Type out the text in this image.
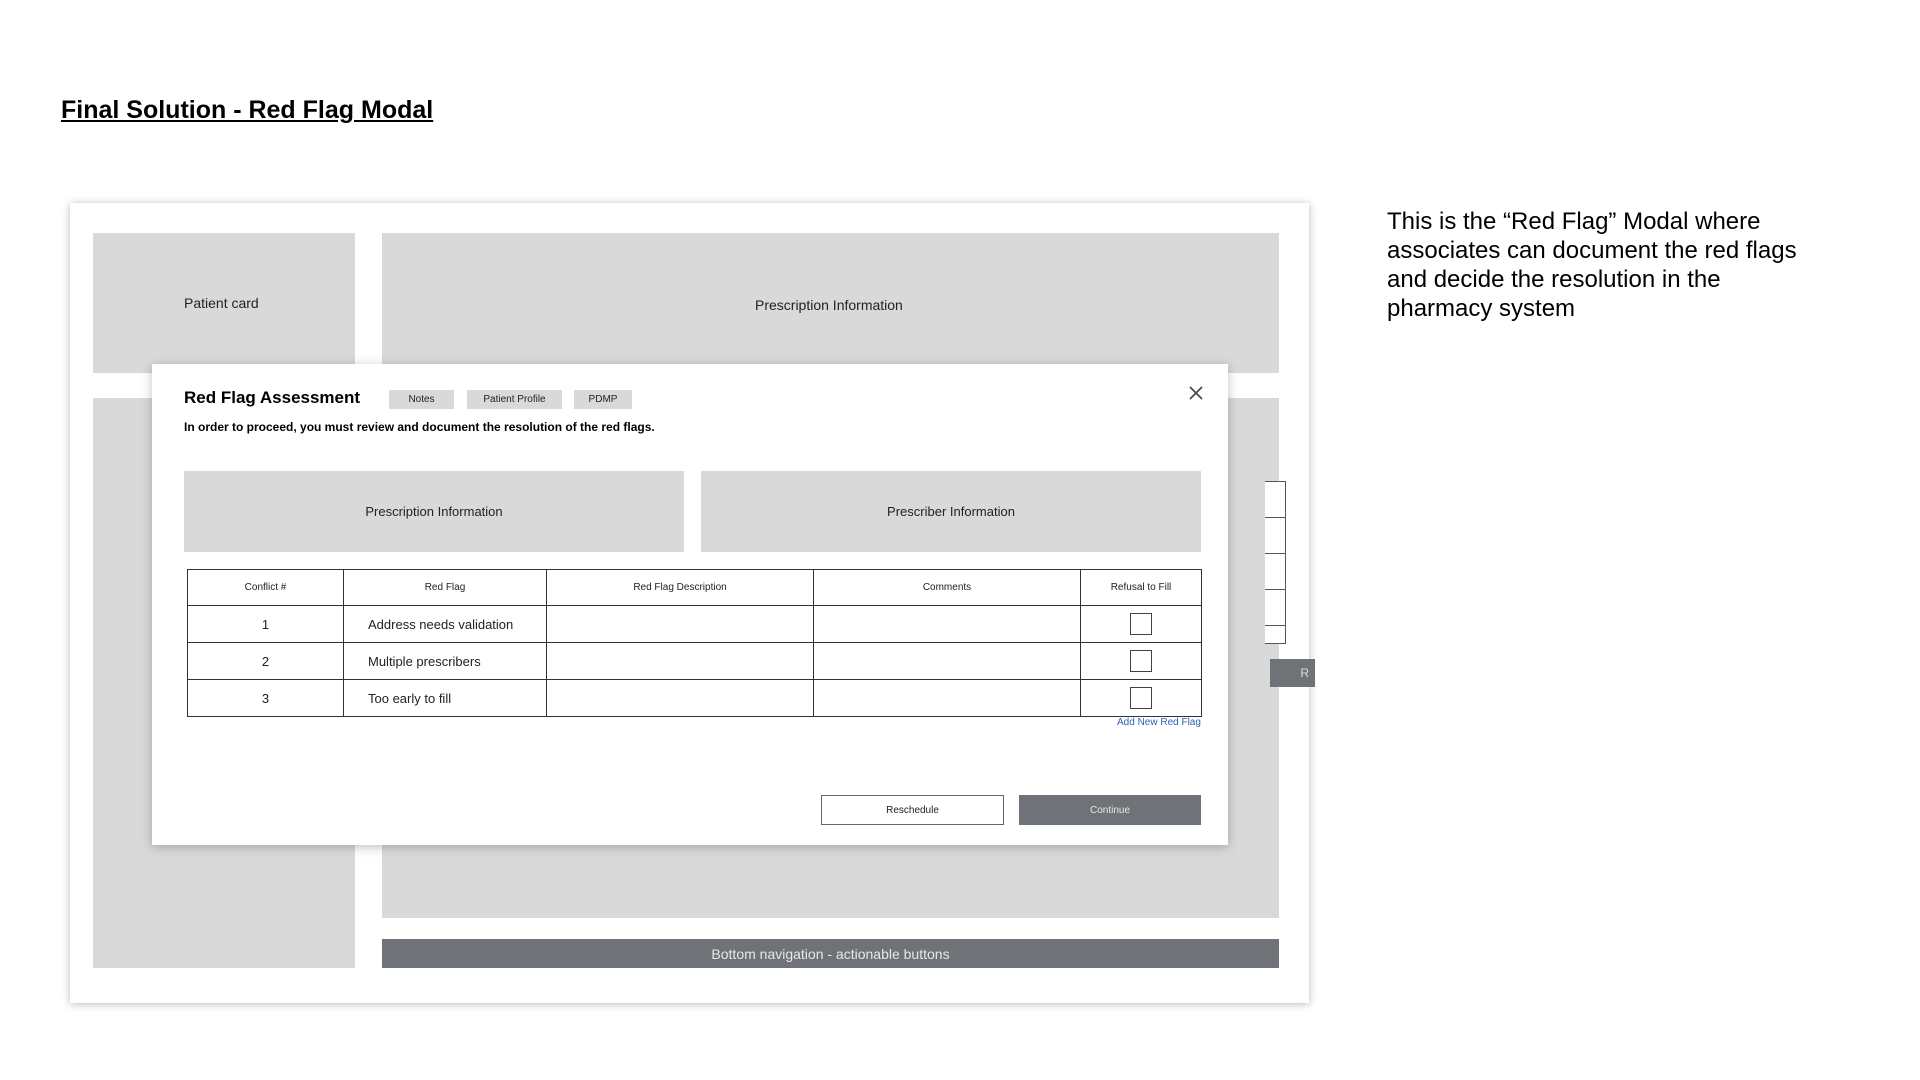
Final Solution - Red Flag Modal
This is the “Red Flag” Modal where associates can document the red flags and decide the resolution in the pharmacy system
Patient card	Prescription Information
R
Bottom navigation - actionable buttons
Red Flag Assessment	Notes	Patient Profile	PDMP
In order to proceed, you must review and document the resolution of the red flags.
Prescription Information	Prescriber Information
Conflict #	Red Flag	Red Flag Description	Comments	Refusal to Fill
1	Address needs validation			
2	Multiple prescribers			
3	Too early to fill			
Add New Red Flag
Reschedule	Continue
